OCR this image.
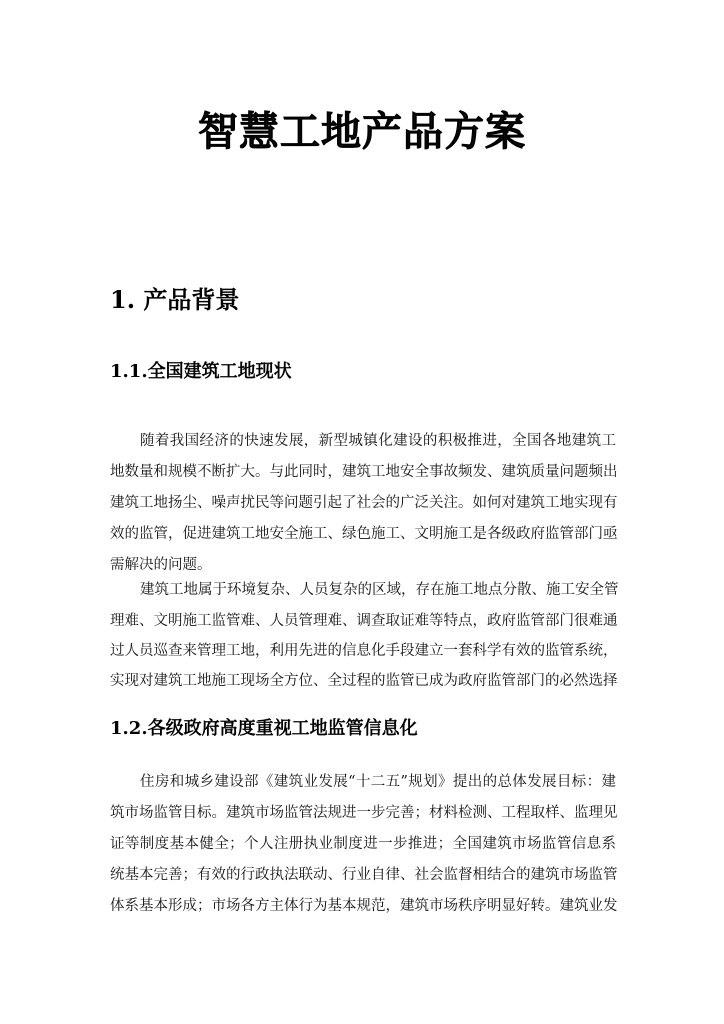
智慧工地产品方案
1. 产品背景
1.1.全国建筑工地现状
随着我国经济的快速发展，新型城镇化建设的积极推进，全国各地建筑工
地数量和规模不断扩大。与此同时，建筑工地安全事故频发、建筑质量问题频出
建筑工地扬尘、噪声扰民等问题引起了社会的广泛关注。如何对建筑工地实现有
效的监管，促进建筑工地安全施工、绿色施工、文明施工是各级政府监管部门亟
需解决的问题。
建筑工地属于环境复杂、人员复杂的区域，存在施工地点分散、施工安全管
理难、文明施工监管难、人员管理难、调查取证难等特点，政府监管部门很难通
过人员巡查来管理工地，利用先进的信息化手段建立一套科学有效的监管系统，
实现对建筑工地施工现场全方位、全过程的监管已成为政府监管部门的必然选择
1.2.各级政府高度重视工地监管信息化
住房和城乡建设部《建筑业发展“十二五”规划》提出的总体发展目标：建
筑市场监管目标。建筑市场监管法规进一步完善；材料检测、工程取样、监理见
证等制度基本健全；个人注册执业制度进一步推进；全国建筑市场监管信息系
统基本完善；有效的行政执法联动、行业自律、社会监督相结合的建筑市场监管
体系基本形成；市场各方主体行为基本规范，建筑市场秩序明显好转。建筑业发
